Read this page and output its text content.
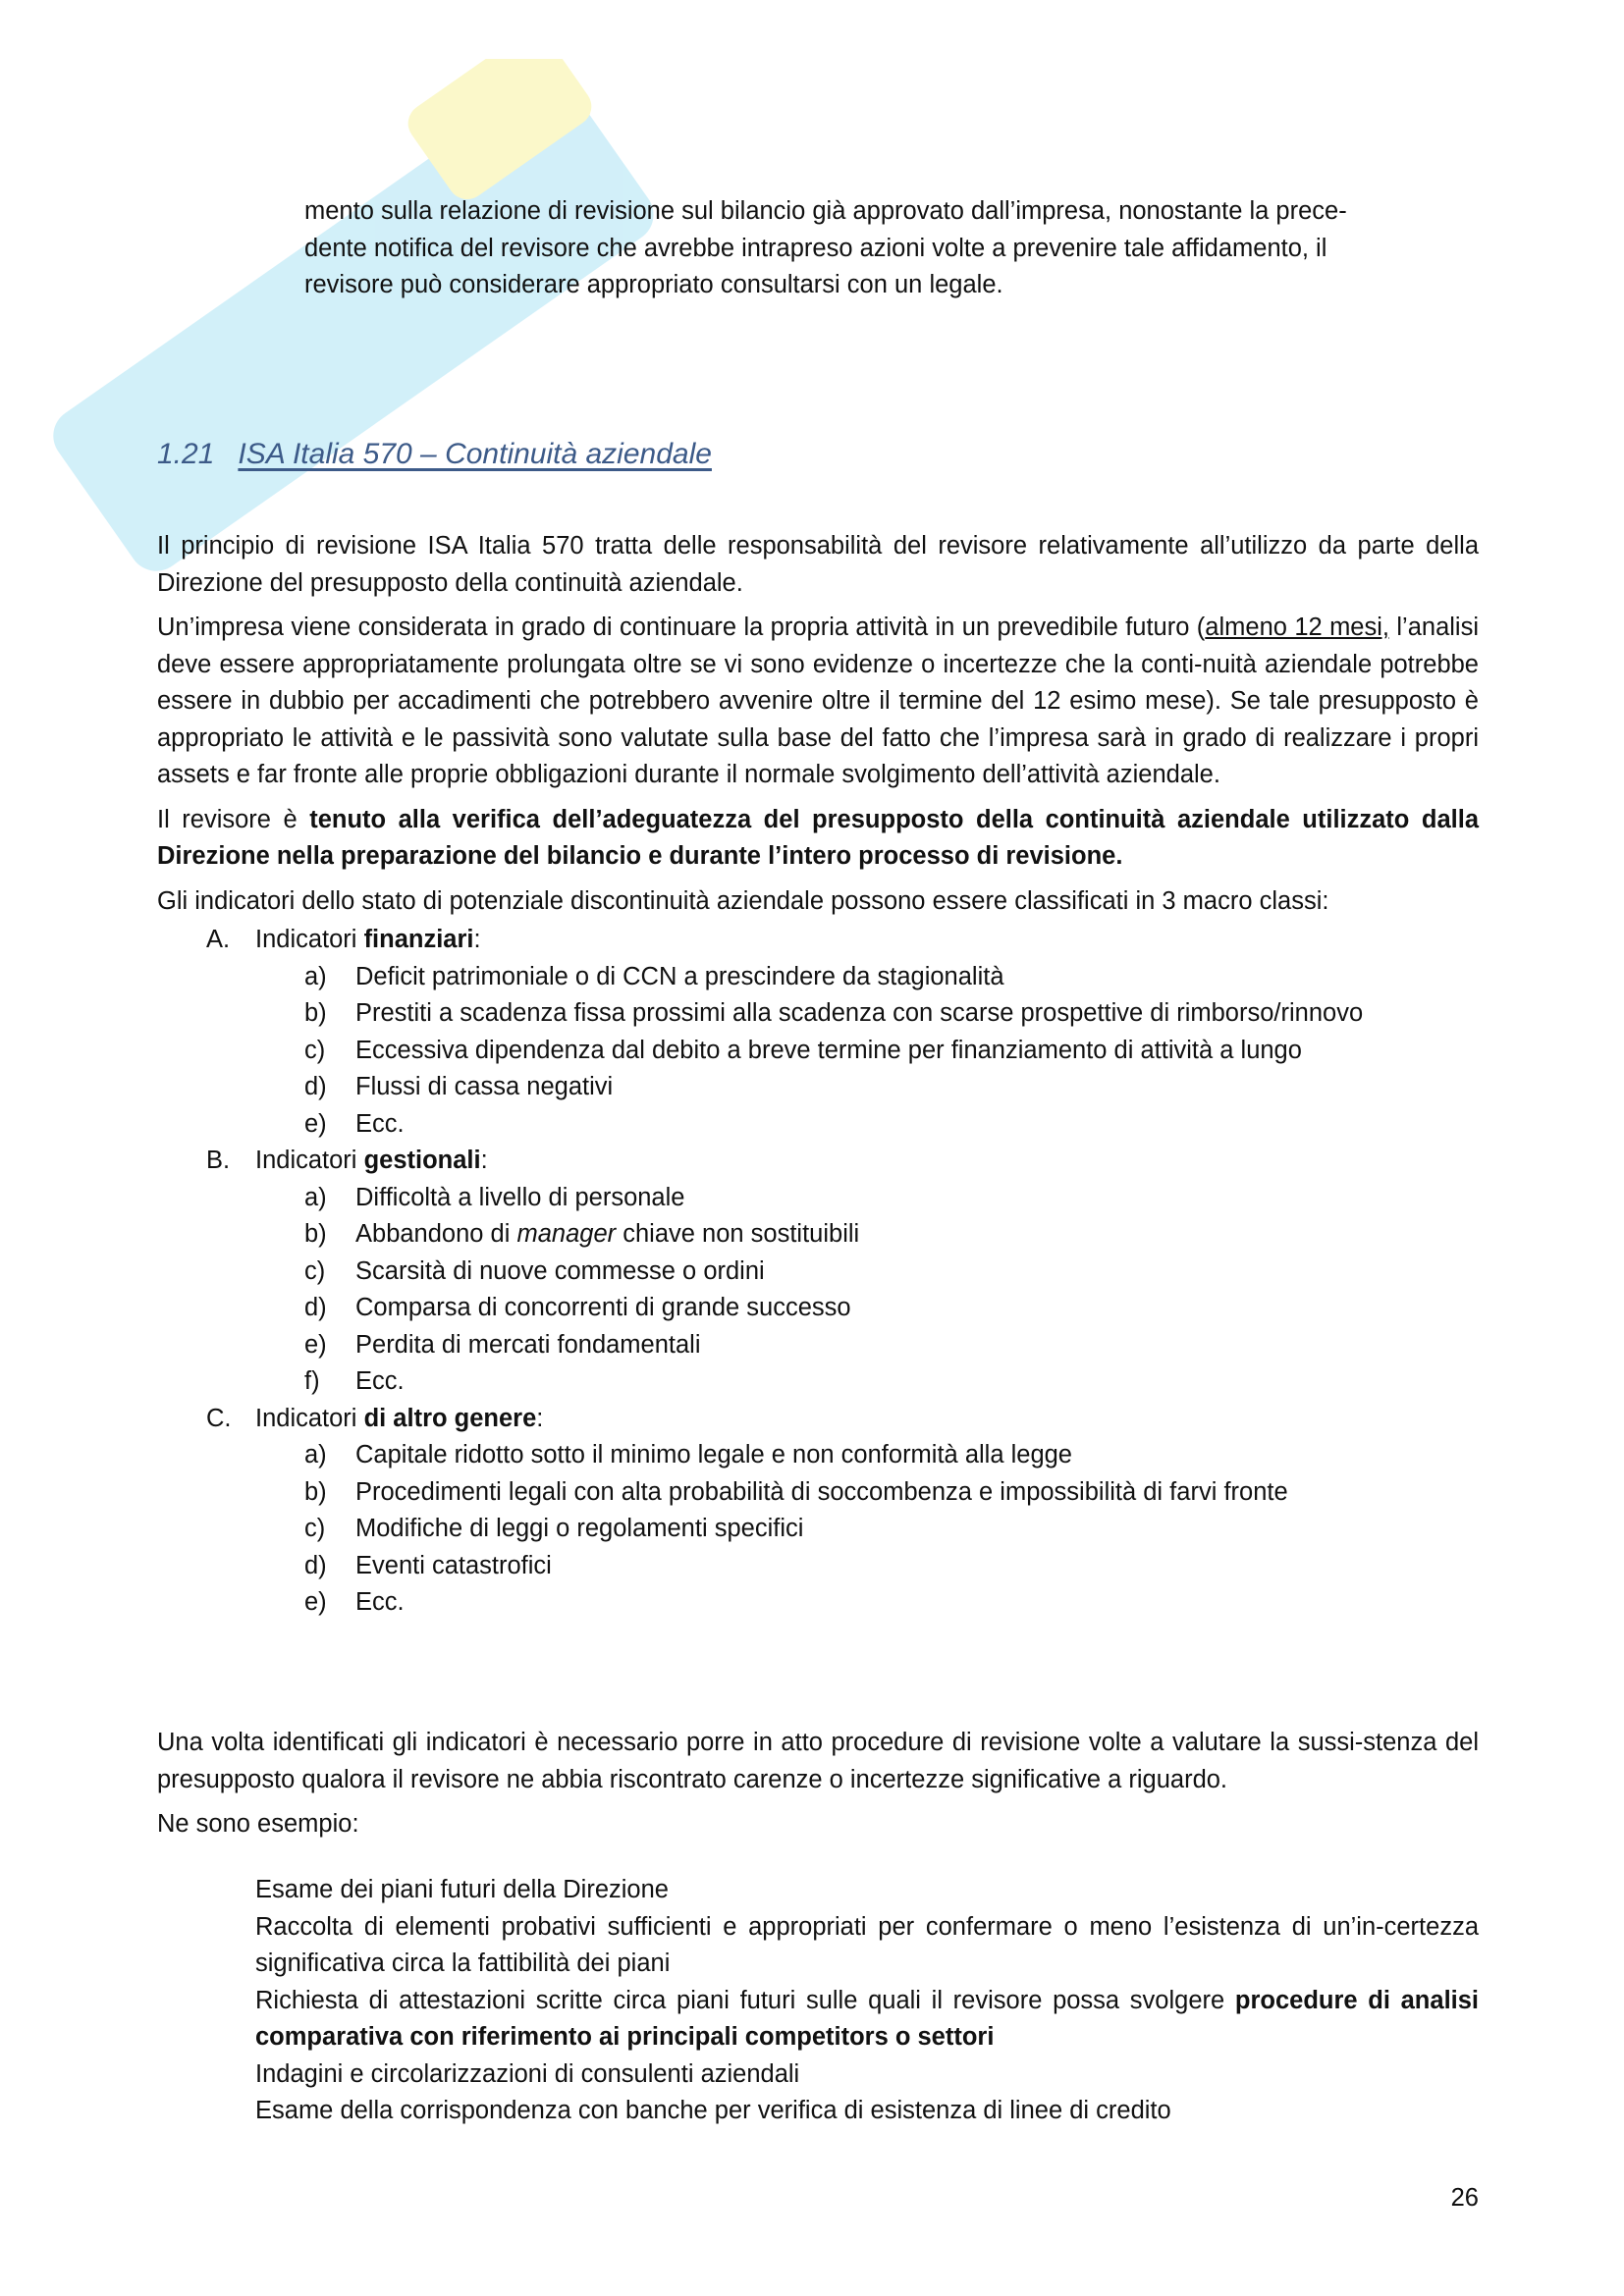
mento sulla relazione di revisione sul bilancio già approvato dall’impresa, nonostante la prece-

dente notifica del revisore che avrebbe intrapreso azioni volte a prevenire tale affidamento, il

revisore può considerare appropriato consultarsi con un legale.

1.21 ISA Italia 570 – Continuità aziendale

Il principio di revisione ISA Italia 570 tratta delle responsabilità del revisore relativamente all’utilizzo da parte della Direzione del presupposto della continuità aziendale.

Un’impresa viene considerata in grado di continuare la propria attività in un prevedibile futuro (almeno 12 mesi, l’analisi deve essere appropriatamente prolungata oltre se vi sono evidenze o incertezze che la conti-nuità aziendale potrebbe essere in dubbio per accadimenti che potrebbero avvenire oltre il termine del 12 esimo mese). Se tale presupposto è appropriato le attività e le passività sono valutate sulla base del fatto che l’impresa sarà in grado di realizzare i propri assets e far fronte alle proprie obbligazioni durante il normale svolgimento dell’attività aziendale.

Il revisore è tenuto alla verifica dell’adeguatezza del presupposto della continuità aziendale utilizzato dalla Direzione nella preparazione del bilancio e durante l’intero processo di revisione.

Gli indicatori dello stato di potenziale discontinuità aziendale possono essere classificati in 3 macro classi:

A. Indicatori finanziari:
a) Deficit patrimoniale o di CCN a prescindere da stagionalità
b) Prestiti a scadenza fissa prossimi alla scadenza con scarse prospettive di rimborso/rinnovo
c) Eccessiva dipendenza dal debito a breve termine per finanziamento di attività a lungo
d) Flussi di cassa negativi
e) Ecc.
B. Indicatori gestionali:
a) Difficoltà a livello di personale
b) Abbandono di manager chiave non sostituibili
c) Scarsità di nuove commesse o ordini
d) Comparsa di concorrenti di grande successo
e) Perdita di mercati fondamentali
f) Ecc.
C. Indicatori di altro genere:
a) Capitale ridotto sotto il minimo legale e non conformità alla legge
b) Procedimenti legali con alta probabilità di soccombenza e impossibilità di farvi fronte
c) Modifiche di leggi o regolamenti specifici
d) Eventi catastrofici
e) Ecc.

Una volta identificati gli indicatori è necessario porre in atto procedure di revisione volte a valutare la sussi-stenza del presupposto qualora il revisore ne abbia riscontrato carenze o incertezze significative a riguardo.

Ne sono esempio:

Esame dei piani futuri della Direzione

Raccolta di elementi probativi sufficienti e appropriati per confermare o meno l’esistenza di un’in-certezza significativa circa la fattibilità dei piani

Richiesta di attestazioni scritte circa piani futuri sulle quali il revisore possa svolgere procedure di analisi comparativa con riferimento ai principali competitors o settori

Indagini e circolarizzazioni di consulenti aziendali

Esame della corrispondenza con banche per verifica di esistenza di linee di credito

26
